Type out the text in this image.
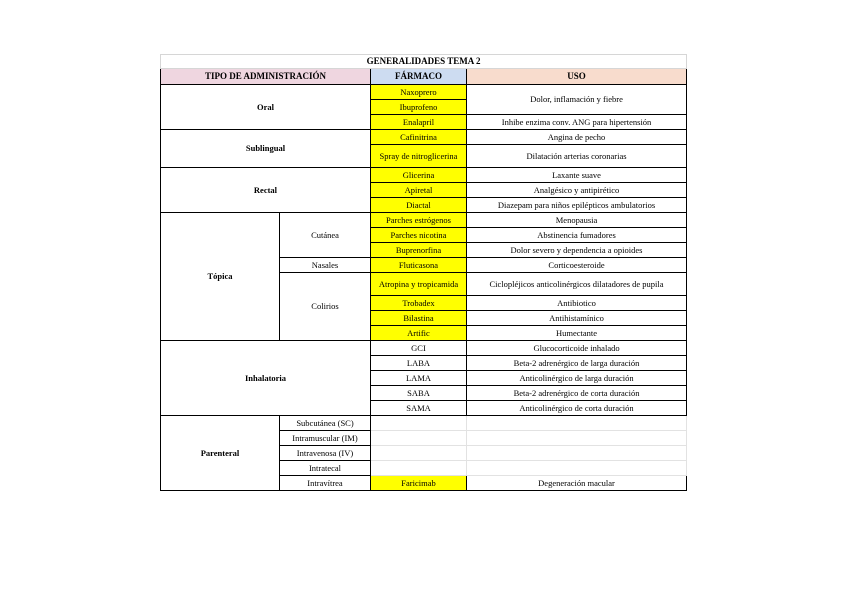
GENERALIDADES TEMA 2			
TIPO DE ADMINISTRACIÓN		FÁRMACO	USO
Oral		Naxoprero	Dolor, inflamación y fiebre
		Ibuprofeno	
		Enalapril	Inhibe enzima conv. ANG para hipertensión
Sublingual		Cafinitrina	Angina de pecho
		Spray de nitroglicerina	Dilatación arterias coronarias
Rectal		Glicerina	Laxante suave
		Apiretal	Analgésico y antipirético
		Diactal	Diazepam para niños epilépticos ambulatorios
Tópica	Cutánea	Parches estrógenos	Menopausia
		Parches nicotina	Abstinencia fumadores
		Buprenorfina	Dolor severo y dependencia a opioides
	Nasales	Fluticasona	Corticoesteroide
	Colirios	Atropina y tropicamida	Ciclopléjicos anticolinérgicos dilatadores de pupila
		Trobadex	Antibiotico
		Bilastina	Antihistamínico
		Artific	Humectante
Inhalatoria		GCI	Glucocorticoide inhalado
		LABA	Beta-2 adrenérgico de larga duración
		LAMA	Anticolinérgico de larga duración
		SABA	Beta-2 adrenérgico de corta duración
		SAMA	Anticolinérgico de corta duración
Parenteral	Subcutánea (SC)		
	Intramuscular (IM)		
	Intravenosa (IV)		
	Intratecal		
	Intravítrea	Faricimab	Degeneración macular
